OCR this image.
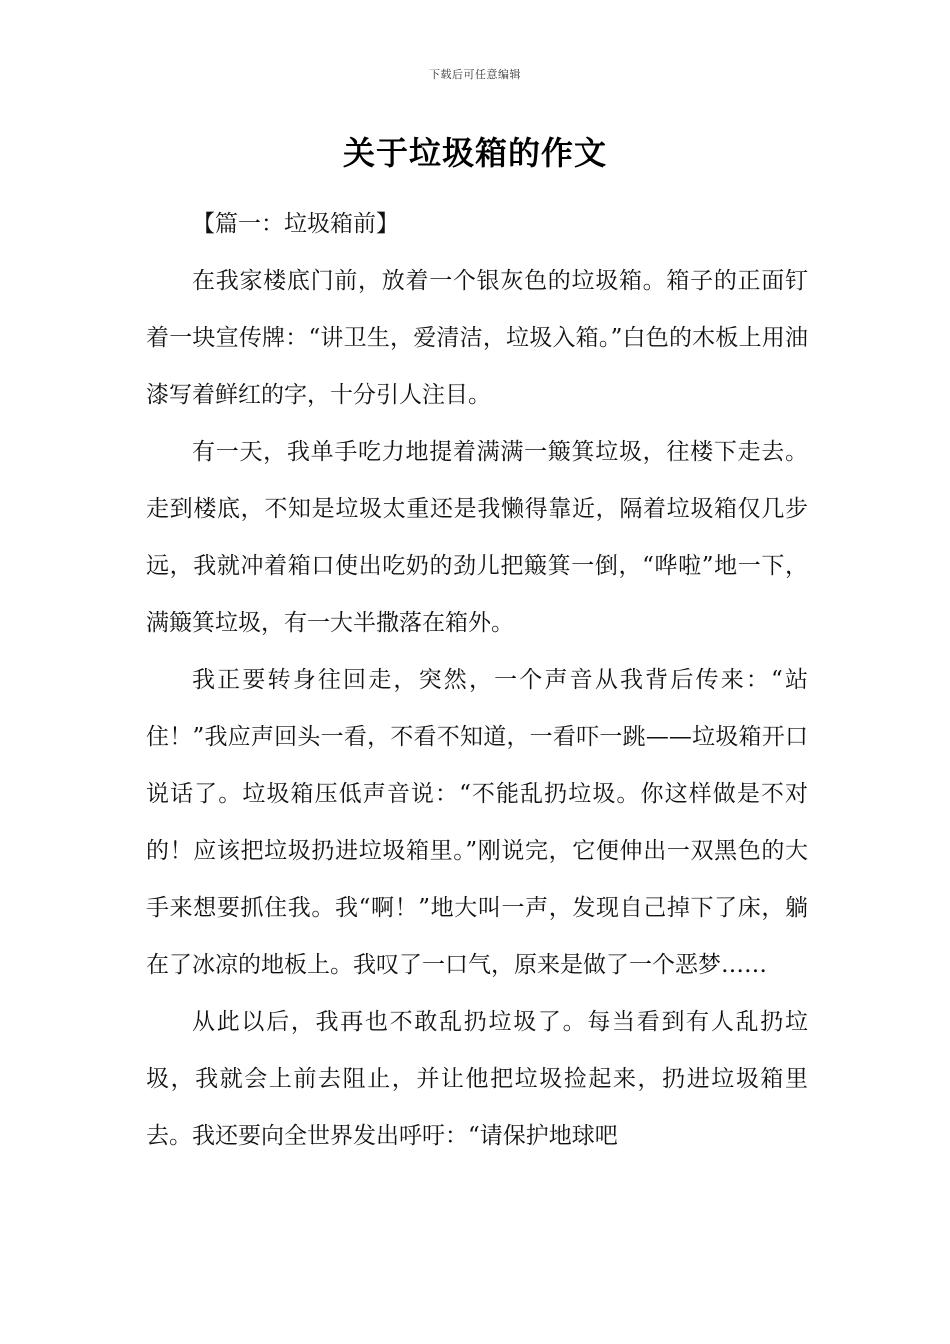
下载后可任意编辑
关于垃圾箱的作文

【篇一：垃圾箱前】

在我家楼底门前，放着一个银灰色的垃圾箱。箱子的正面钉着一块宣传牌：“讲卫生，爱清洁，垃圾入箱。”白色的木板上用油漆写着鲜红的字，十分引人注目。

有一天，我单手吃力地提着满满一簸箕垃圾，往楼下走去。走到楼底，不知是垃圾太重还是我懒得靠近，隔着垃圾箱仅几步远，我就冲着箱口使出吃奶的劲儿把簸箕一倒，“哗啦”地一下，满簸箕垃圾，有一大半撒落在箱外。

我正要转身往回走，突然，一个声音从我背后传来：“站住！”我应声回头一看，不看不知道，一看吓一跳——垃圾箱开口说话了。垃圾箱压低声音说：“不能乱扔垃圾。你这样做是不对的！应该把垃圾扔进垃圾箱里。”刚说完，它便伸出一双黑色的大手来想要抓住我。我“啊！”地大叫一声，发现自己掉下了床，躺在了冰凉的地板上。我叹了一口气，原来是做了一个恶梦……

从此以后，我再也不敢乱扔垃圾了。每当看到有人乱扔垃圾，我就会上前去阻止，并让他把垃圾捡起来，扔进垃圾箱里去。我还要向全世界发出呼吁：“请保护地球吧
